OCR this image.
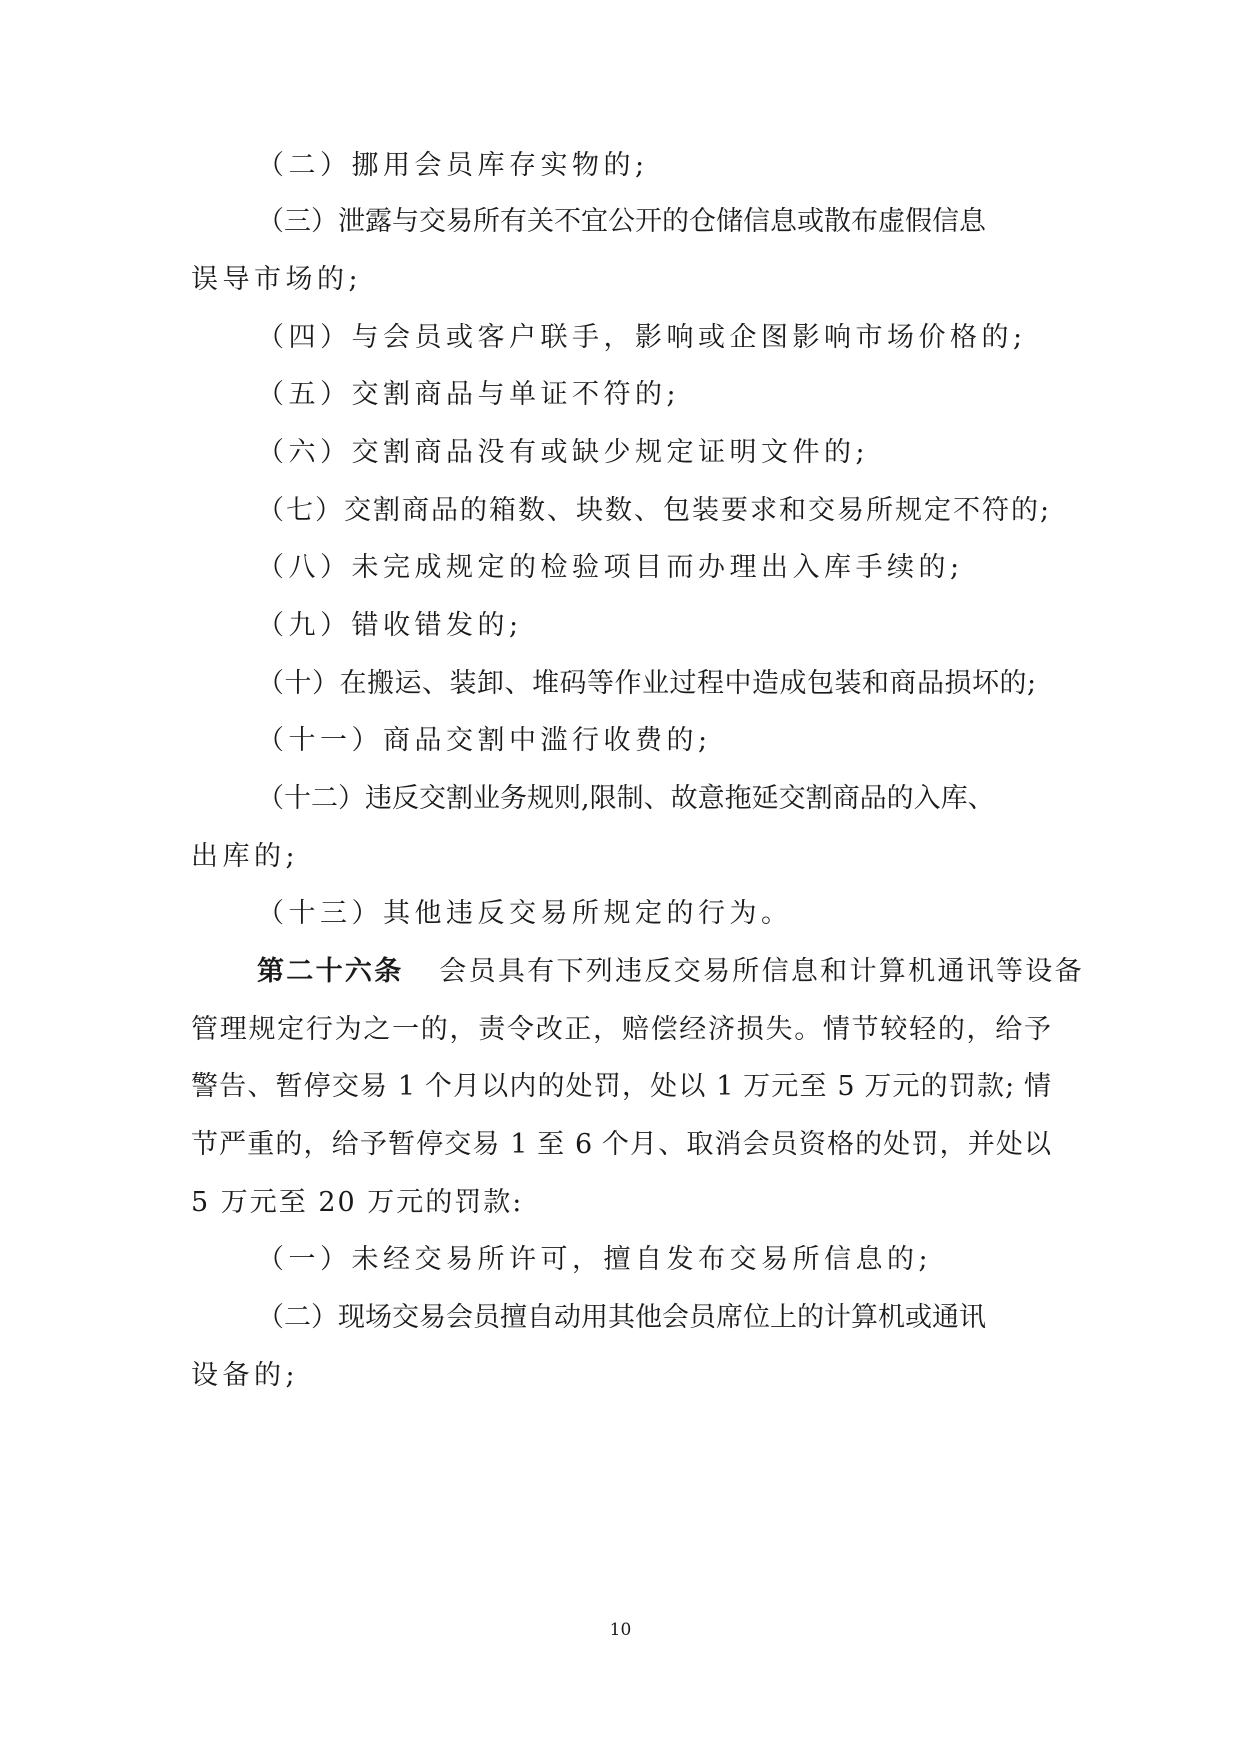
（二）挪用会员库存实物的;
（三）泄露与交易所有关不宜公开的仓储信息或散布虚假信息
误导市场的;
（四）与会员或客户联手，影响或企图影响市场价格的;
（五）交割商品与单证不符的;
（六）交割商品没有或缺少规定证明文件的;
（七）交割商品的箱数、块数、包装要求和交易所规定不符的;
（八）未完成规定的检验项目而办理出入库手续的;
（九）错收错发的;
（十）在搬运、装卸、堆码等作业过程中造成包装和商品损坏的;
（十一）商品交割中滥行收费的;
（十二）违反交割业务规则,限制、故意拖延交割商品的入库、
出库的;
（十三）其他违反交易所规定的行为。
第二十六条 会员具有下列违反交易所信息和计算机通讯等设备
管理规定行为之一的，责令改正，赔偿经济损失。情节较轻的，给予
警告、暂停交易 1 个月以内的处罚，处以 1 万元至 5 万元的罚款; 情
节严重的，给予暂停交易 1 至 6 个月、取消会员资格的处罚，并处以
5 万元至 20 万元的罚款:
（一）未经交易所许可，擅自发布交易所信息的;
（二）现场交易会员擅自动用其他会员席位上的计算机或通讯
设备的;
10
